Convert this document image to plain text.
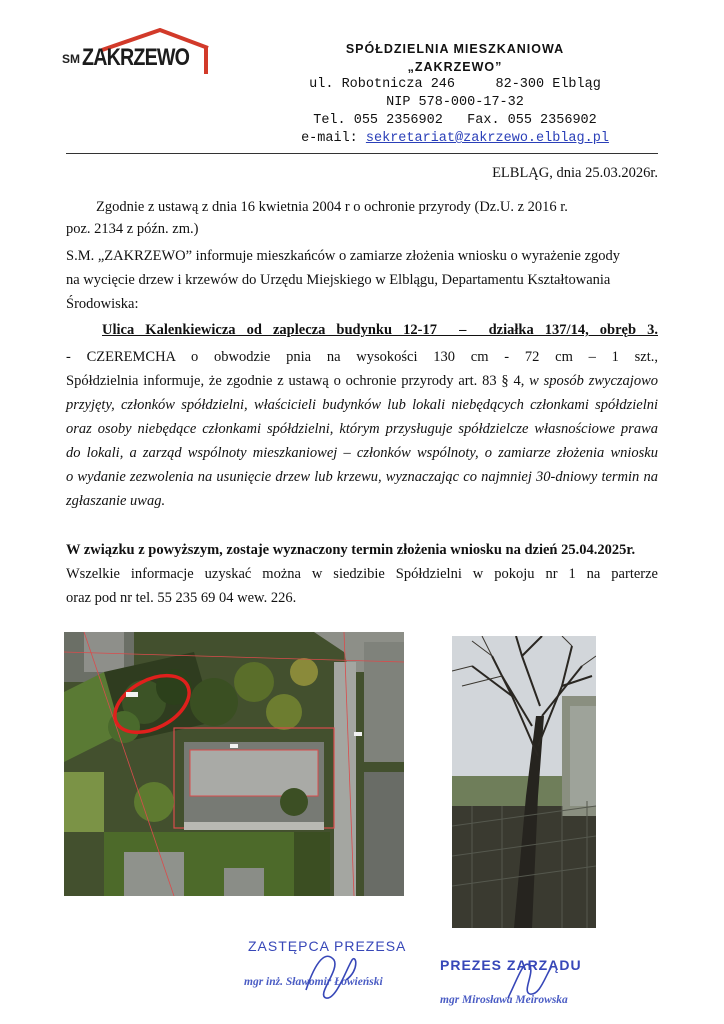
SM ZAKRZEWO	SPÓŁDZIELNIA MIESZKANIOWA
„ZAKRZEWO”
ul. Robotnicza 246     82-300 Elbląg
NIP 578-000-17-32
Tel. 055 2356902   Fax. 055 2356902
e-mail: sekretariat@zakrzewo.elblag.pl
ELBLĄG, dnia 25.03.2026r.
Zgodnie z ustawą z dnia 16 kwietnia 2004 r o ochronie przyrody (Dz.U. z 2016 r.
poz. 2134 z późn. zm.)
S.M. „ZAKRZEWO” informuje mieszkańców o zamiarze złożenia wniosku o wyrażenie zgody
na wycięcie drzew i krzewów do Urzędu Miejskiego w Elblągu, Departamentu Kształtowania
Środowiska:
Ulica Kalenkiewicza od zaplecza budynku 12-17  –  działka 137/14, obręb 3.
- CZEREMCHA o obwodzie pnia na wysokości 130 cm - 72 cm – 1 szt.,
Spółdzielnia informuje, że zgodnie z ustawą o ochronie przyrody art. 83 § 4, w sposób zwyczajowo
przyjęty, członków spółdzielni, właścicieli budynków lub lokali niebędących członkami spółdzielni
oraz osoby niebędące członkami spółdzielni, którym przysługuje spółdzielcze własnościowe prawa
do lokali, a zarząd wspólnoty mieszkaniowej – członków wspólnoty, o zamiarze złożenia wniosku
o wydanie zezwolenia na usunięcie drzew lub krzewu, wyznaczając co najmniej 30-dniowy termin na
zgłaszanie uwag.
W związku z powyższym, zostaje wyznaczony termin złożenia wniosku na dzień 25.04.2025r.
Wszelkie informacje uzyskać można w siedzibie Spółdzielni w pokoju nr 1 na parterze
oraz pod nr tel. 55 235 69 04 wew. 226.
ZASTĘPCA PREZESA
mgr inż. Sławomir Łowieński
PREZES ZARZĄDU
mgr Mirosława Meirowska
